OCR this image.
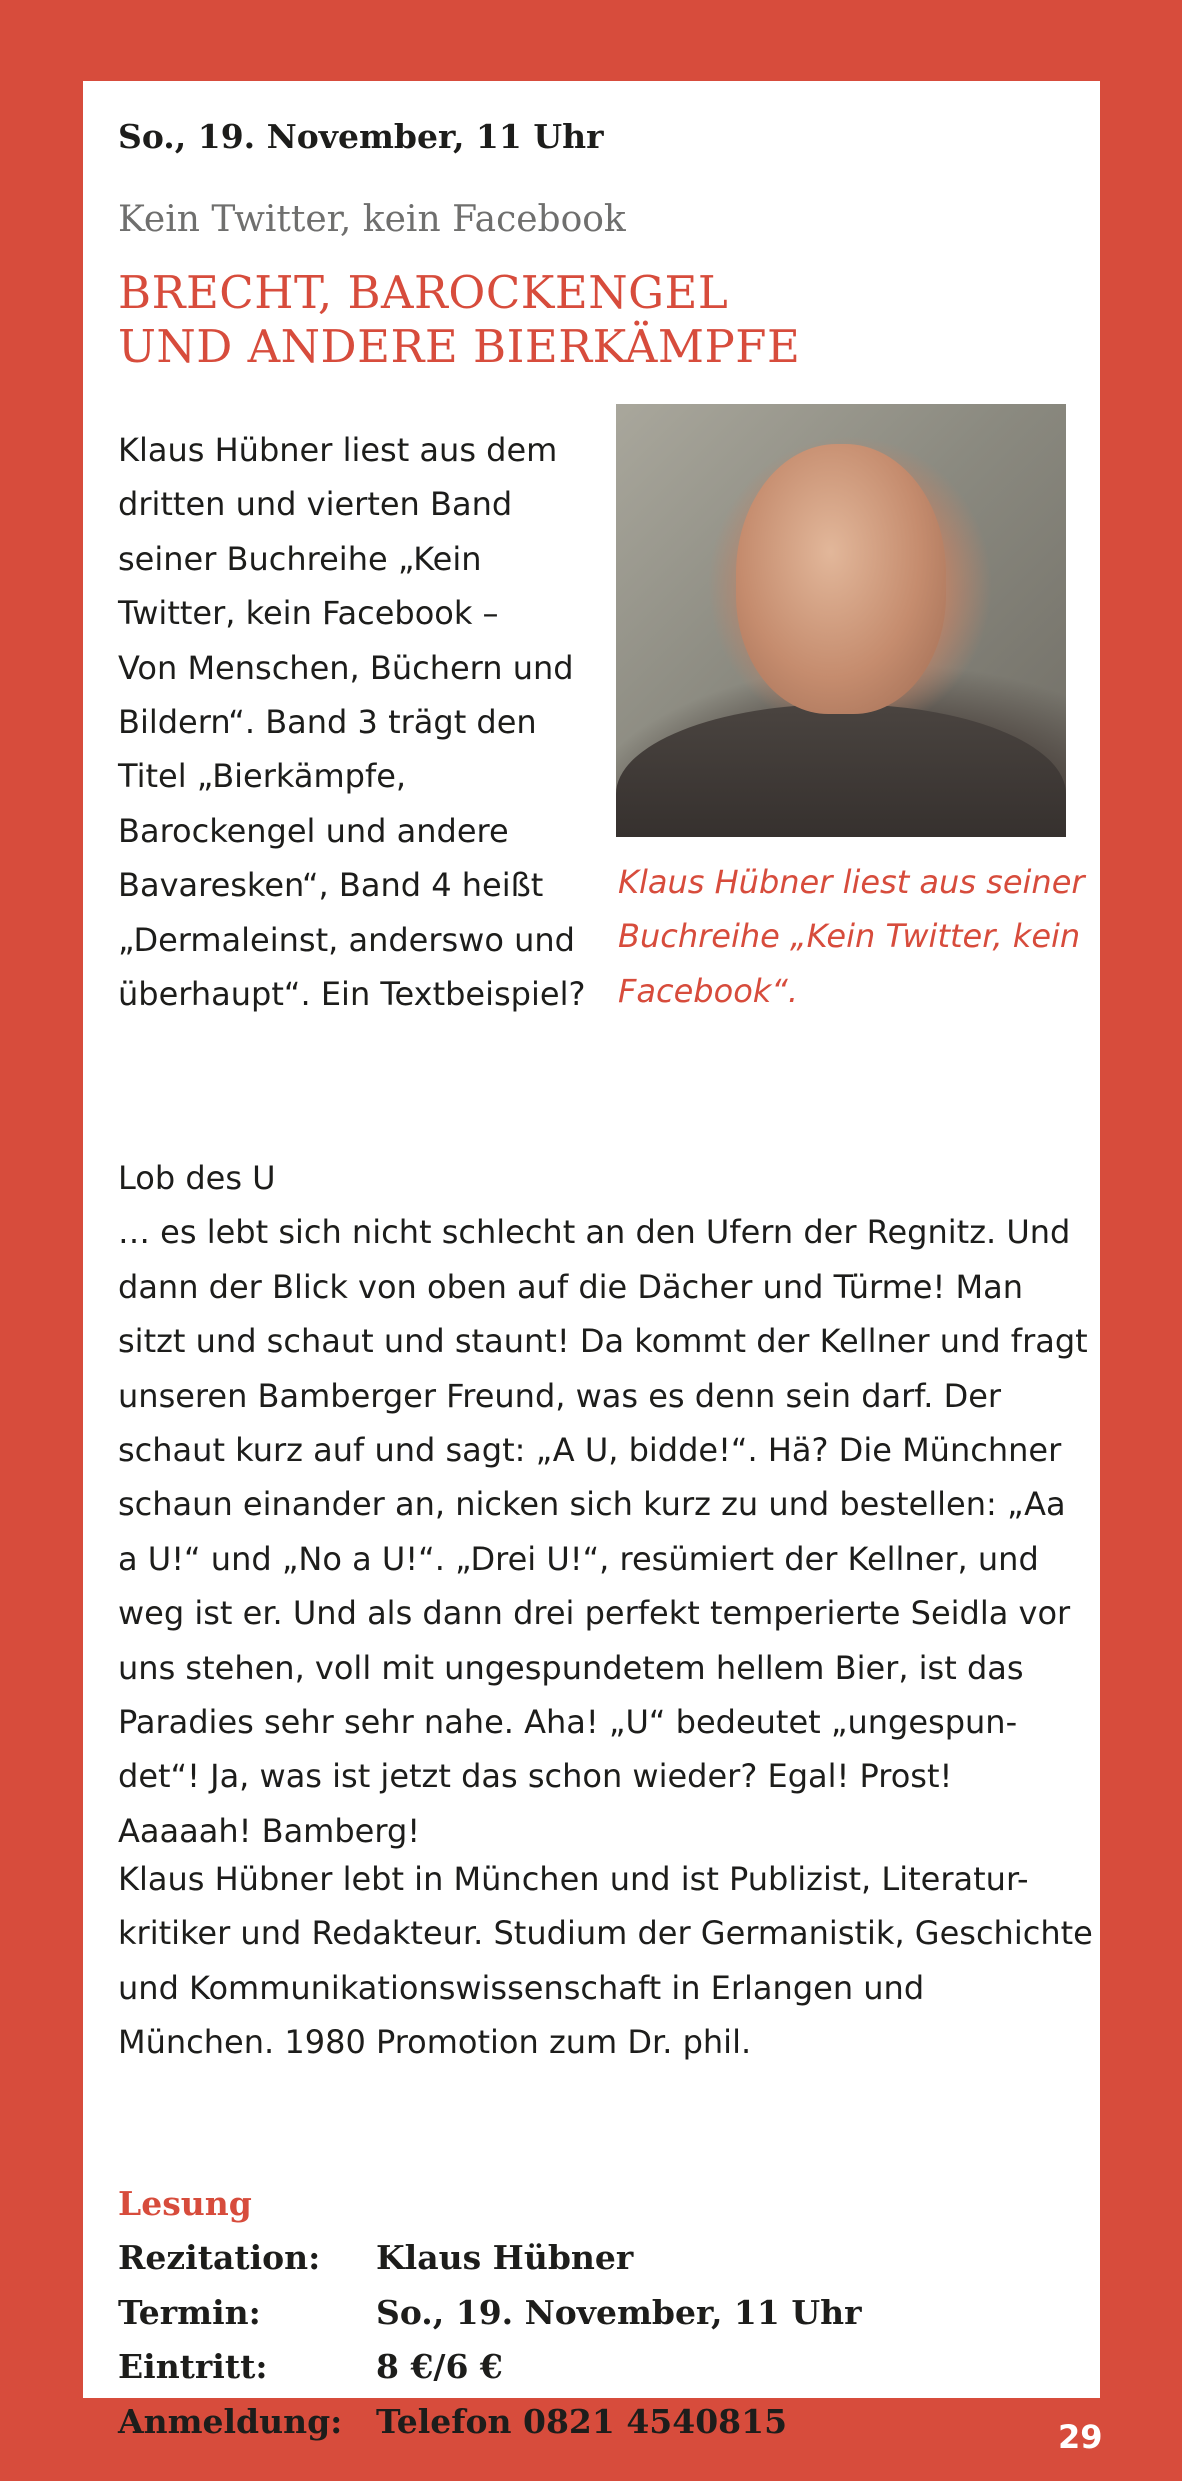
So., 19. November, 11 Uhr
Kein Twitter, kein Facebook
BRECHT, BAROCKENGEL
UND ANDERE BIERKÄMPFE
Klaus Hübner liest aus dem
dritten und vierten Band
seiner Buchreihe „Kein
Twitter, kein Facebook –
Von Menschen, Büchern und
Bildern“. Band 3 trägt den
Titel „Bierkämpfe,
Barockengel und andere
Bavaresken“, Band 4 heißt
„Dermaleinst, anderswo und
überhaupt“. Ein Textbeispiel?
Klaus Hübner liest aus seiner
Buchreihe „Kein Twitter, kein
Facebook“.
Lob des U
… es lebt sich nicht schlecht an den Ufern der Regnitz. Und
dann der Blick von oben auf die Dächer und Türme! Man
sitzt und schaut und staunt! Da kommt der Kellner und fragt
unseren Bamberger Freund, was es denn sein darf. Der
schaut kurz auf und sagt: „A U, bidde!“. Hä? Die Münchner
schaun einander an, nicken sich kurz zu und bestellen: „Aa
a U!“ und „No a U!“. „Drei U!“, resümiert der Kellner, und
weg ist er. Und als dann drei perfekt temperierte Seidla vor
uns stehen, voll mit ungespundetem hellem Bier, ist das
Paradies sehr sehr nahe. Aha! „U“ bedeutet „ungespun-
det“! Ja, was ist jetzt das schon wieder? Egal! Prost!
Aaaaah! Bamberg!
Klaus Hübner lebt in München und ist Publizist, Literatur-
kritiker und Redakteur. Studium der Germanistik, Geschichte
und Kommunikationswissenschaft in Erlangen und
München. 1980 Promotion zum Dr. phil.
Lesung
Rezitation: Klaus Hübner
Termin:	So., 19. November, 11 Uhr
Eintritt:	8 €/6 €
Anmeldung: Telefon 0821 4540815	29
